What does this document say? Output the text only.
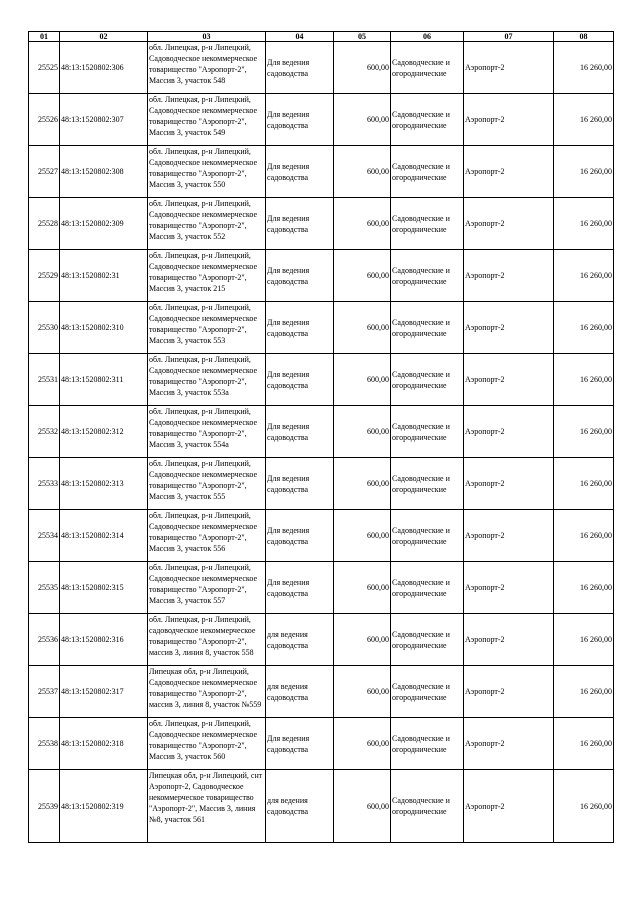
01	02	03	04	05	06	07	08
25525	48:13:1520802:306	обл. Липецкая, р-н Липецкий, Садоводческое некоммерческое товарищество "Аэропорт-2", Массив 3, участок 548	Для ведения садоводства	600,00	Садоводческие и огороднические	Аэропорт-2	16 260,00
25526	48:13:1520802:307	обл. Липецкая, р-н Липецкий, Садоводческое некоммерческое товарищество "Аэропорт-2", Массив 3, участок 549	Для ведения садоводства	600,00	Садоводческие и огороднические	Аэропорт-2	16 260,00
25527	48:13:1520802:308	обл. Липецкая, р-н Липецкий, Садоводческое некоммерческое товарищество "Аэропорт-2", Массив 3, участок 550	Для ведения садоводства	600,00	Садоводческие и огороднические	Аэропорт-2	16 260,00
25528	48:13:1520802:309	обл. Липецкая, р-н Липецкий, Садоводческое некоммерческое товарищество "Аэропорт-2", Массив 3, участок 552	Для ведения садоводства	600,00	Садоводческие и огороднические	Аэропорт-2	16 260,00
25529	48:13:1520802:31	обл. Липецкая, р-н Липецкий, Садоводческое некоммерческое товарищество "Аэропорт-2", Массив 3, участок 215	Для ведения садоводства	600,00	Садоводческие и огороднические	Аэропорт-2	16 260,00
25530	48:13:1520802:310	обл. Липецкая, р-н Липецкий, Садоводческое некоммерческое товарищество "Аэропорт-2", Массив 3, участок 553	Для ведения садоводства	600,00	Садоводческие и огороднические	Аэропорт-2	16 260,00
25531	48:13:1520802:311	обл. Липецкая, р-н Липецкий, Садоводческое некоммерческое товарищество "Аэропорт-2", Массив 3, участок 553а	Для ведения садоводства	600,00	Садоводческие и огороднические	Аэропорт-2	16 260,00
25532	48:13:1520802:312	обл. Липецкая, р-н Липецкий, Садоводческое некоммерческое товарищество "Аэропорт-2", Массив 3, участок 554а	Для ведения садоводства	600,00	Садоводческие и огороднические	Аэропорт-2	16 260,00
25533	48:13:1520802:313	обл. Липецкая, р-н Липецкий, Садоводческое некоммерческое товарищество "Аэропорт-2", Массив 3, участок 555	Для ведения садоводства	600,00	Садоводческие и огороднические	Аэропорт-2	16 260,00
25534	48:13:1520802:314	обл. Липецкая, р-н Липецкий, Садоводческое некоммерческое товарищество "Аэропорт-2", Массив 3, участок 556	Для ведения садоводства	600,00	Садоводческие и огороднические	Аэропорт-2	16 260,00
25535	48:13:1520802:315	обл. Липецкая, р-н Липецкий, Садоводческое некоммерческое товарищество "Аэропорт-2", Массив 3, участок 557	Для ведения садоводства	600,00	Садоводческие и огороднические	Аэропорт-2	16 260,00
25536	48:13:1520802:316	обл. Липецкая, р-н Липецкий, садоводческое некоммерческое товарищество "Аэропорт-2", массив 3, линия 8, участок 558	для ведения садоводства	600,00	Садоводческие и огороднические	Аэропорт-2	16 260,00
25537	48:13:1520802:317	Липецкая обл, р-н Липецкий, Садоводческое некоммерческое товарищество "Аэропорт-2", массив 3, линия 8, участок №559	для ведения садоводства	600,00	Садоводческие и огороднические	Аэропорт-2	16 260,00
25538	48:13:1520802:318	обл. Липецкая, р-н Липецкий, Садоводческое некоммерческое товарищество "Аэропорт-2", Массив 3, участок 560	Для ведения садоводства	600,00	Садоводческие и огороднические	Аэропорт-2	16 260,00
25539	48:13:1520802:319	Липецкая обл, р-н Липецкий, снт Аэропорт-2, Садоводческое некоммерческое товарищество "Аэропорт-2", Массив 3, линия №8, участок 561	для ведения садоводства	600,00	Садоводческие и огороднические	Аэропорт-2	16 260,00
